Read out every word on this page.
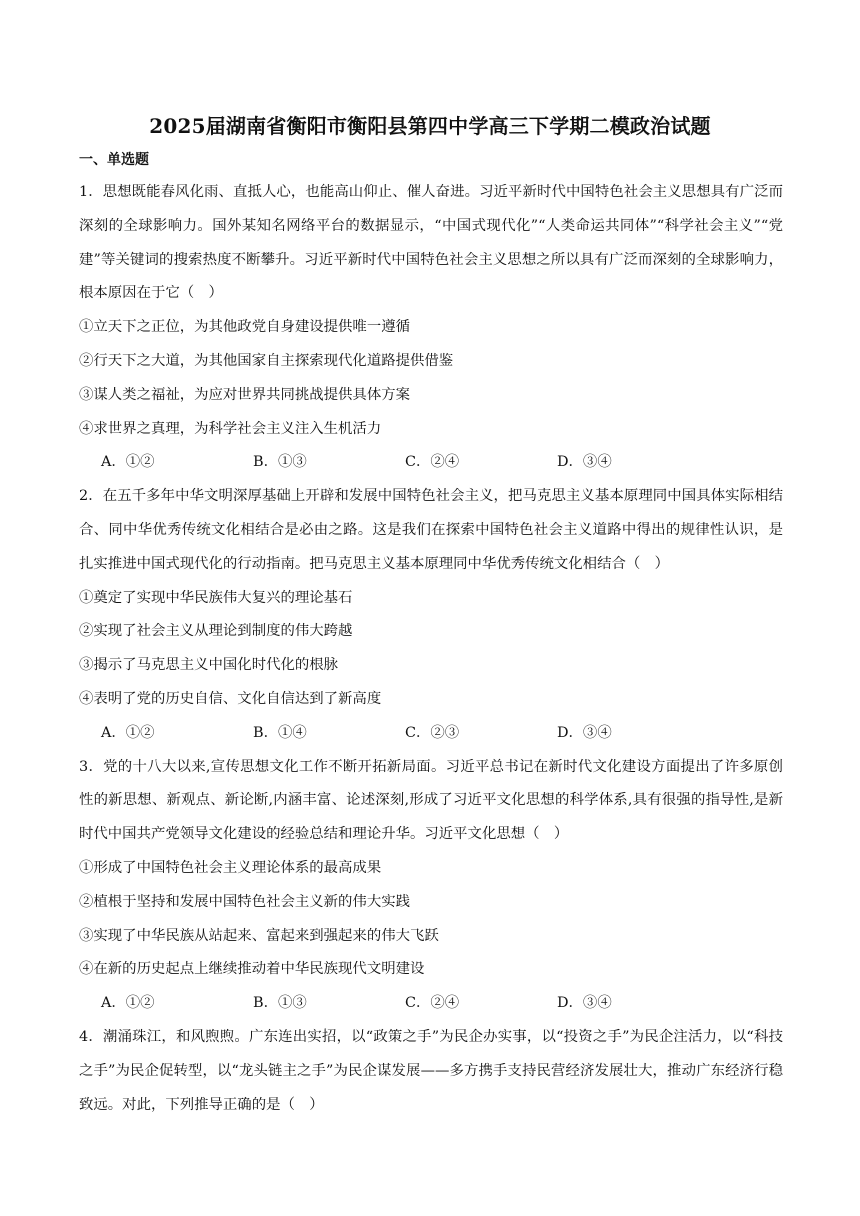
2025届湖南省衡阳市衡阳县第四中学高三下学期二模政治试题
一、单选题

1．思想既能春风化雨、直抵人心，也能高山仰止、催人奋进。习近平新时代中国特色社会主义思想具有广泛而深刻的全球影响力。国外某知名网络平台的数据显示，“中国式现代化”“人类命运共同体”“科学社会主义”“党建”等关键词的搜索热度不断攀升。习近平新时代中国特色社会主义思想之所以具有广泛而深刻的全球影响力，根本原因在于它（　）

①立天下之正位，为其他政党自身建设提供唯一遵循

②行天下之大道，为其他国家自主探索现代化道路提供借鉴

③谋人类之福祉，为应对世界共同挑战提供具体方案

④求世界之真理，为科学社会主义注入生机活力

A．①②	B．①③	C．②④	D．③④

2．在五千多年中华文明深厚基础上开辟和发展中国特色社会主义，把马克思主义基本原理同中国具体实际相结合、同中华优秀传统文化相结合是必由之路。这是我们在探索中国特色社会主义道路中得出的规律性认识，是扎实推进中国式现代化的行动指南。把马克思主义基本原理同中华优秀传统文化相结合（　）

①奠定了实现中华民族伟大复兴的理论基石

②实现了社会主义从理论到制度的伟大跨越

③揭示了马克思主义中国化时代化的根脉

④表明了党的历史自信、文化自信达到了新高度

A．①②	B．①④	C．②③	D．③④

3．党的十八大以来,宣传思想文化工作不断开拓新局面。习近平总书记在新时代文化建设方面提出了许多原创性的新思想、新观点、新论断,内涵丰富、论述深刻,形成了习近平文化思想的科学体系,具有很强的指导性,是新时代中国共产党领导文化建设的经验总结和理论升华。习近平文化思想（　）

①形成了中国特色社会主义理论体系的最高成果

②植根于坚持和发展中国特色社会主义新的伟大实践

③实现了中华民族从站起来、富起来到强起来的伟大飞跃

④在新的历史起点上继续推动着中华民族现代文明建设

A．①②	B．①③	C．②④	D．③④

4．潮涌珠江，和风煦煦。广东连出实招，以“政策之手”为民企办实事，以“投资之手”为民企注活力，以“科技之手”为民企促转型，以“龙头链主之手”为民企谋发展——多方携手支持民营经济发展壮大，推动广东经济行稳致远。对此，下列推导正确的是（　）
